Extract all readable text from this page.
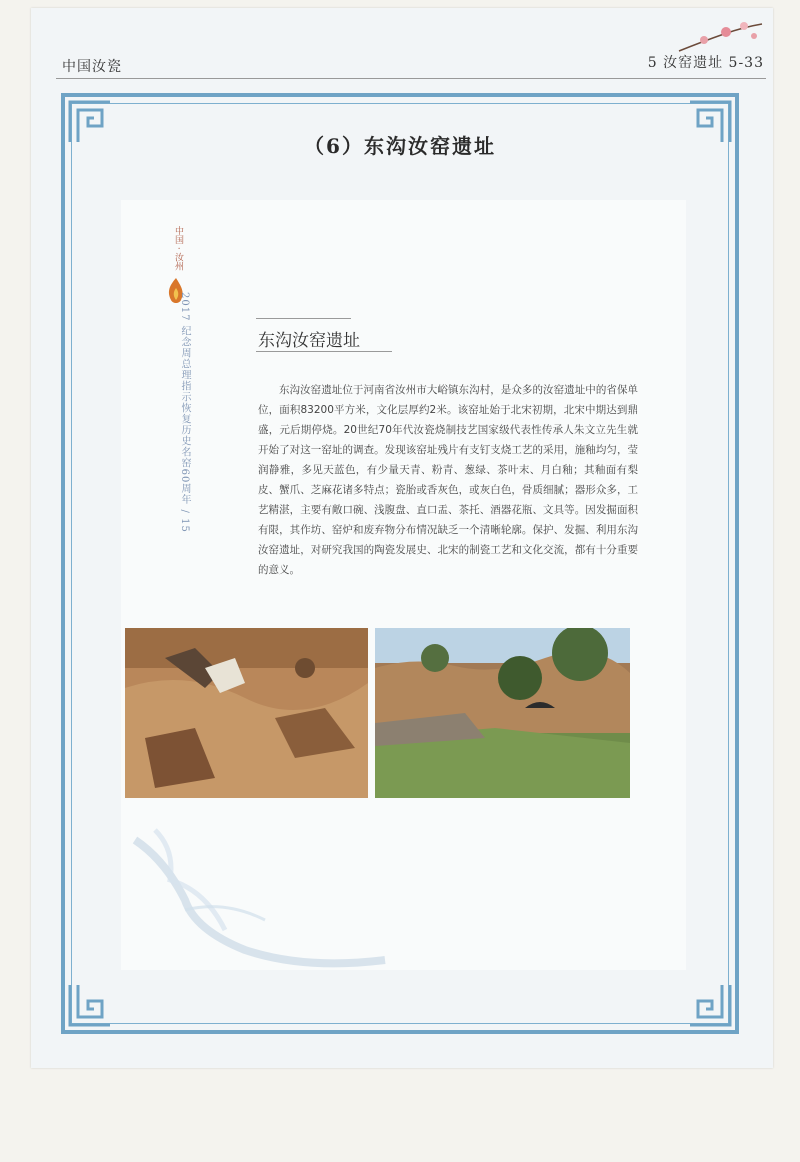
中国汝瓷	5 汝窑遗址 5-33
（6）东沟汝窑遗址
中国 · 汝州
2017 纪念周总理指示恢复历史名窑60周年 / 15	东沟汝窑遗址
东沟汝窑遗址位于河南省汝州市大峪镇东沟村，是众多的汝窑遗址中的省保单位，面积83200平方米，文化层厚约2米。该窑址始于北宋初期，北宋中期达到鼎盛，元后期停烧。20世纪70年代汝瓷烧制技艺国家级代表性传承人朱文立先生就开始了对这一窑址的调查。发现该窑址残片有支钉支烧工艺的采用，施釉均匀，莹润静雅，多见天蓝色，有少量天青、粉青、葱绿、茶叶末、月白釉；其釉面有梨皮、蟹爪、芝麻花诸多特点；瓷胎或香灰色，或灰白色，骨质细腻；器形众多，工艺精湛，主要有敞口碗、浅腹盘、直口盂、茶托、酒器花瓶、文具等。因发掘面积有限，其作坊、窑炉和废弃物分布情况缺乏一个清晰轮廓。保护、发掘、利用东沟汝窑遗址，对研究我国的陶瓷发展史、北宋的制瓷工艺和文化交流，都有十分重要的意义。
